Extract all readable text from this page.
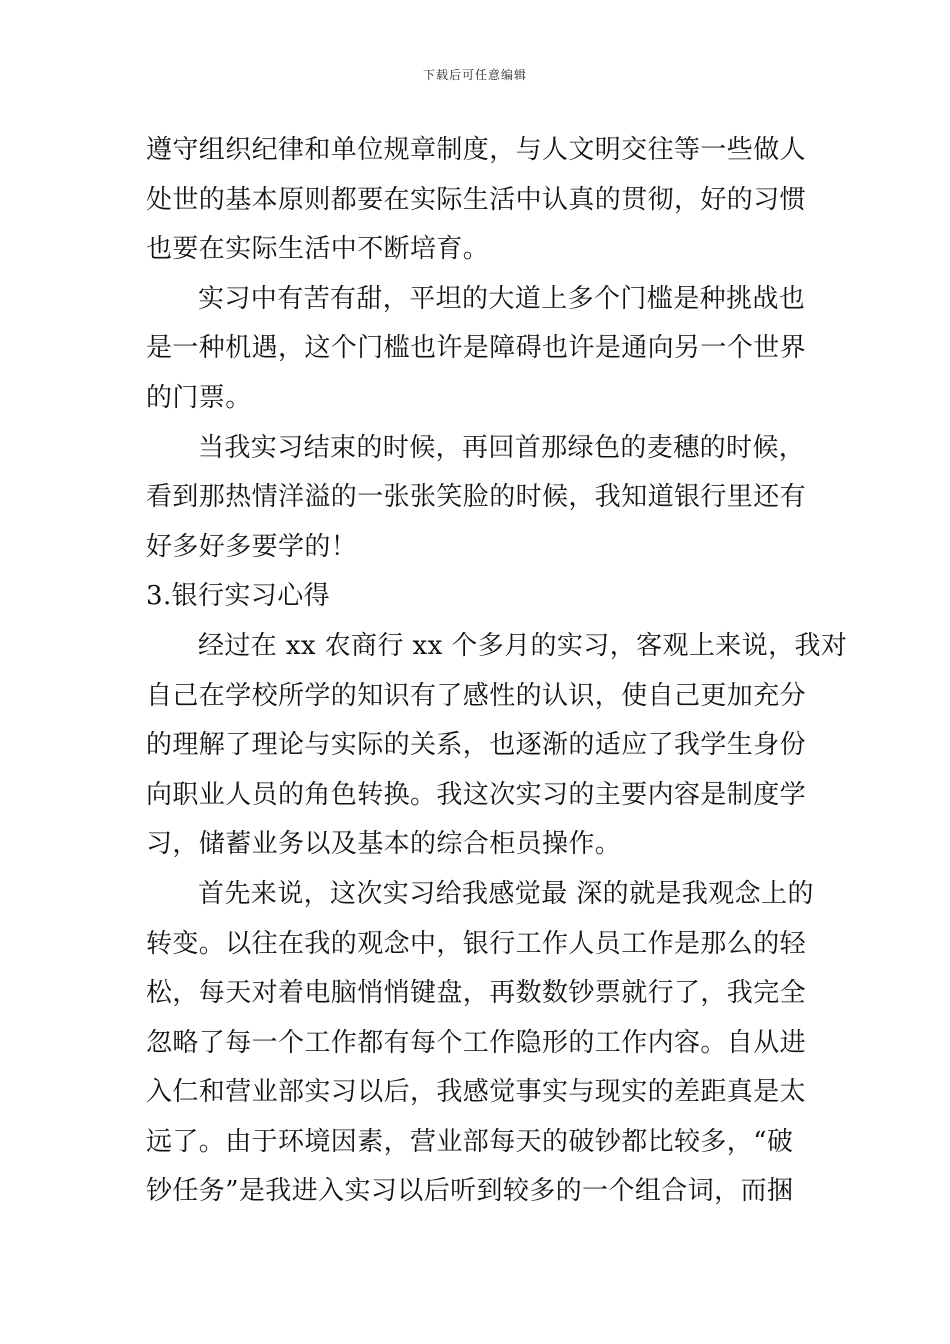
下载后可任意编辑
遵守组织纪律和单位规章制度，与人文明交往等一些做人
处世的基本原则都要在实际生活中认真的贯彻，好的习惯
也要在实际生活中不断培育。
实习中有苦有甜，平坦的大道上多个门槛是种挑战也
是一种机遇，这个门槛也许是障碍也许是通向另一个世界
的门票。
当我实习结束的时候，再回首那绿色的麦穗的时候，
看到那热情洋溢的一张张笑脸的时候，我知道银行里还有
好多好多要学的！
3.银行实习心得
经过在 xx 农商行 xx 个多月的实习，客观上来说，我对
自己在学校所学的知识有了感性的认识，使自己更加充分
的理解了理论与实际的关系，也逐渐的适应了我学生身份
向职业人员的角色转换。我这次实习的主要内容是制度学
习，储蓄业务以及基本的综合柜员操作。
首先来说，这次实习给我感觉最 深的就是我观念上的
转变。以往在我的观念中，银行工作人员工作是那么的轻
松，每天对着电脑悄悄键盘，再数数钞票就行了，我完全
忽略了每一个工作都有每个工作隐形的工作内容。自从进
入仁和营业部实习以后，我感觉事实与现实的差距真是太
远了。由于环境因素，营业部每天的破钞都比较多，“破
钞任务”是我进入实习以后听到较多的一个组合词，而捆
